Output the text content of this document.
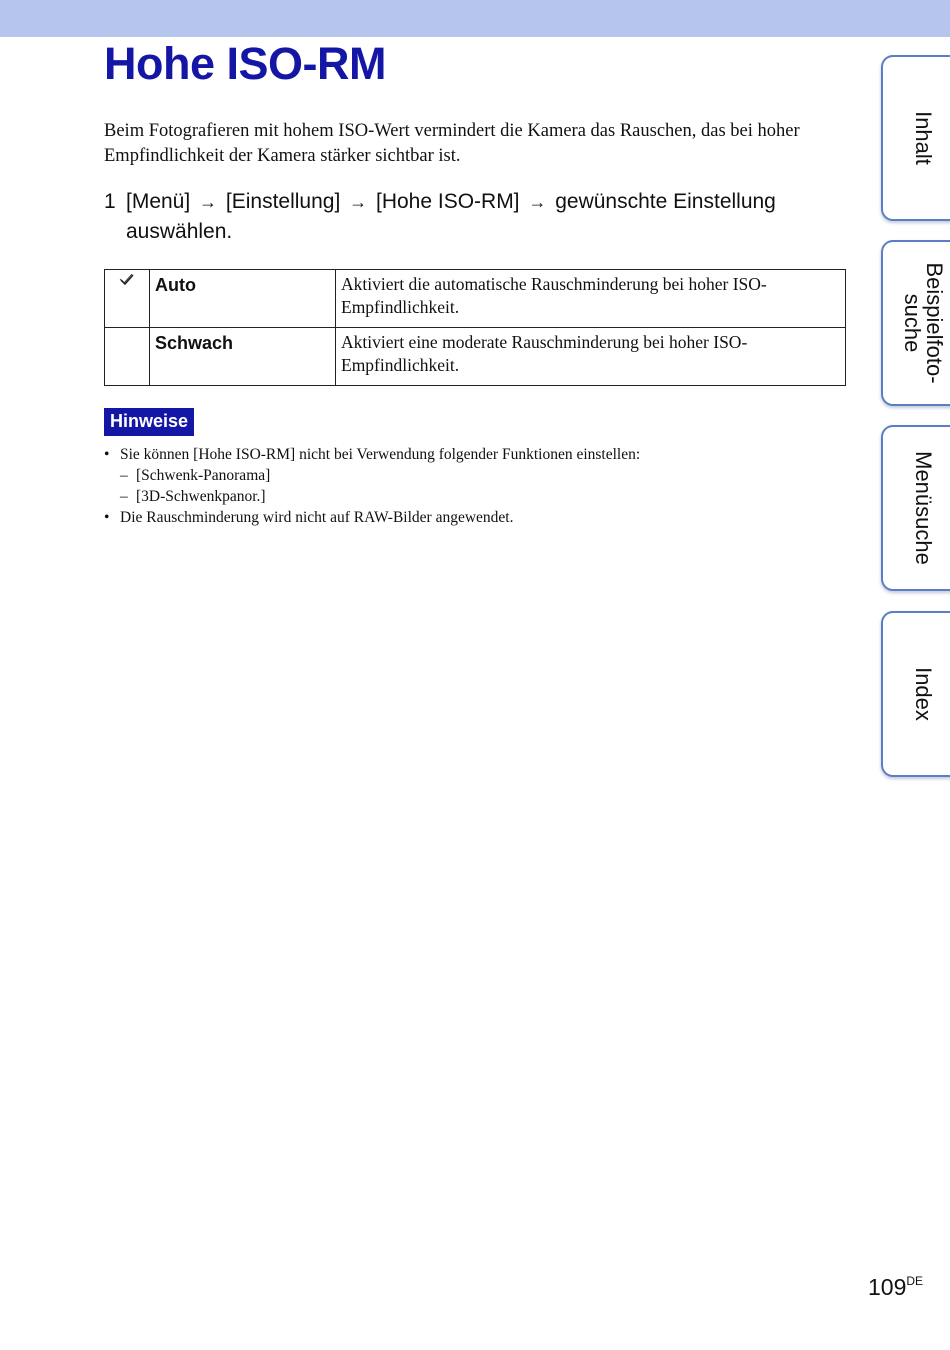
Hohe ISO-RM

Beim Fotografieren mit hohem ISO-Wert vermindert die Kamera das Rauschen, das bei hoher Empfindlichkeit der Kamera stärker sichtbar ist.

1 [Menü] → [Einstellung] → [Hohe ISO-RM] → gewünschte Einstellung auswählen.
	Auto	Aktiviert die automatische Rauschminderung bei hoher ISO-Empfindlichkeit.
	Schwach	Aktiviert eine moderate Rauschminderung bei hoher ISO-Empfindlichkeit.
Hinweise
• Sie können [Hohe ISO-RM] nicht bei Verwendung folgender Funktionen einstellen:
– [Schwenk-Panorama]
– [3D-Schwenkpanor.]
• Die Rauschminderung wird nicht auf RAW-Bilder angewendet.
Inhalt
Beispielfoto-
suche
Menüsuche
Index
109DE
